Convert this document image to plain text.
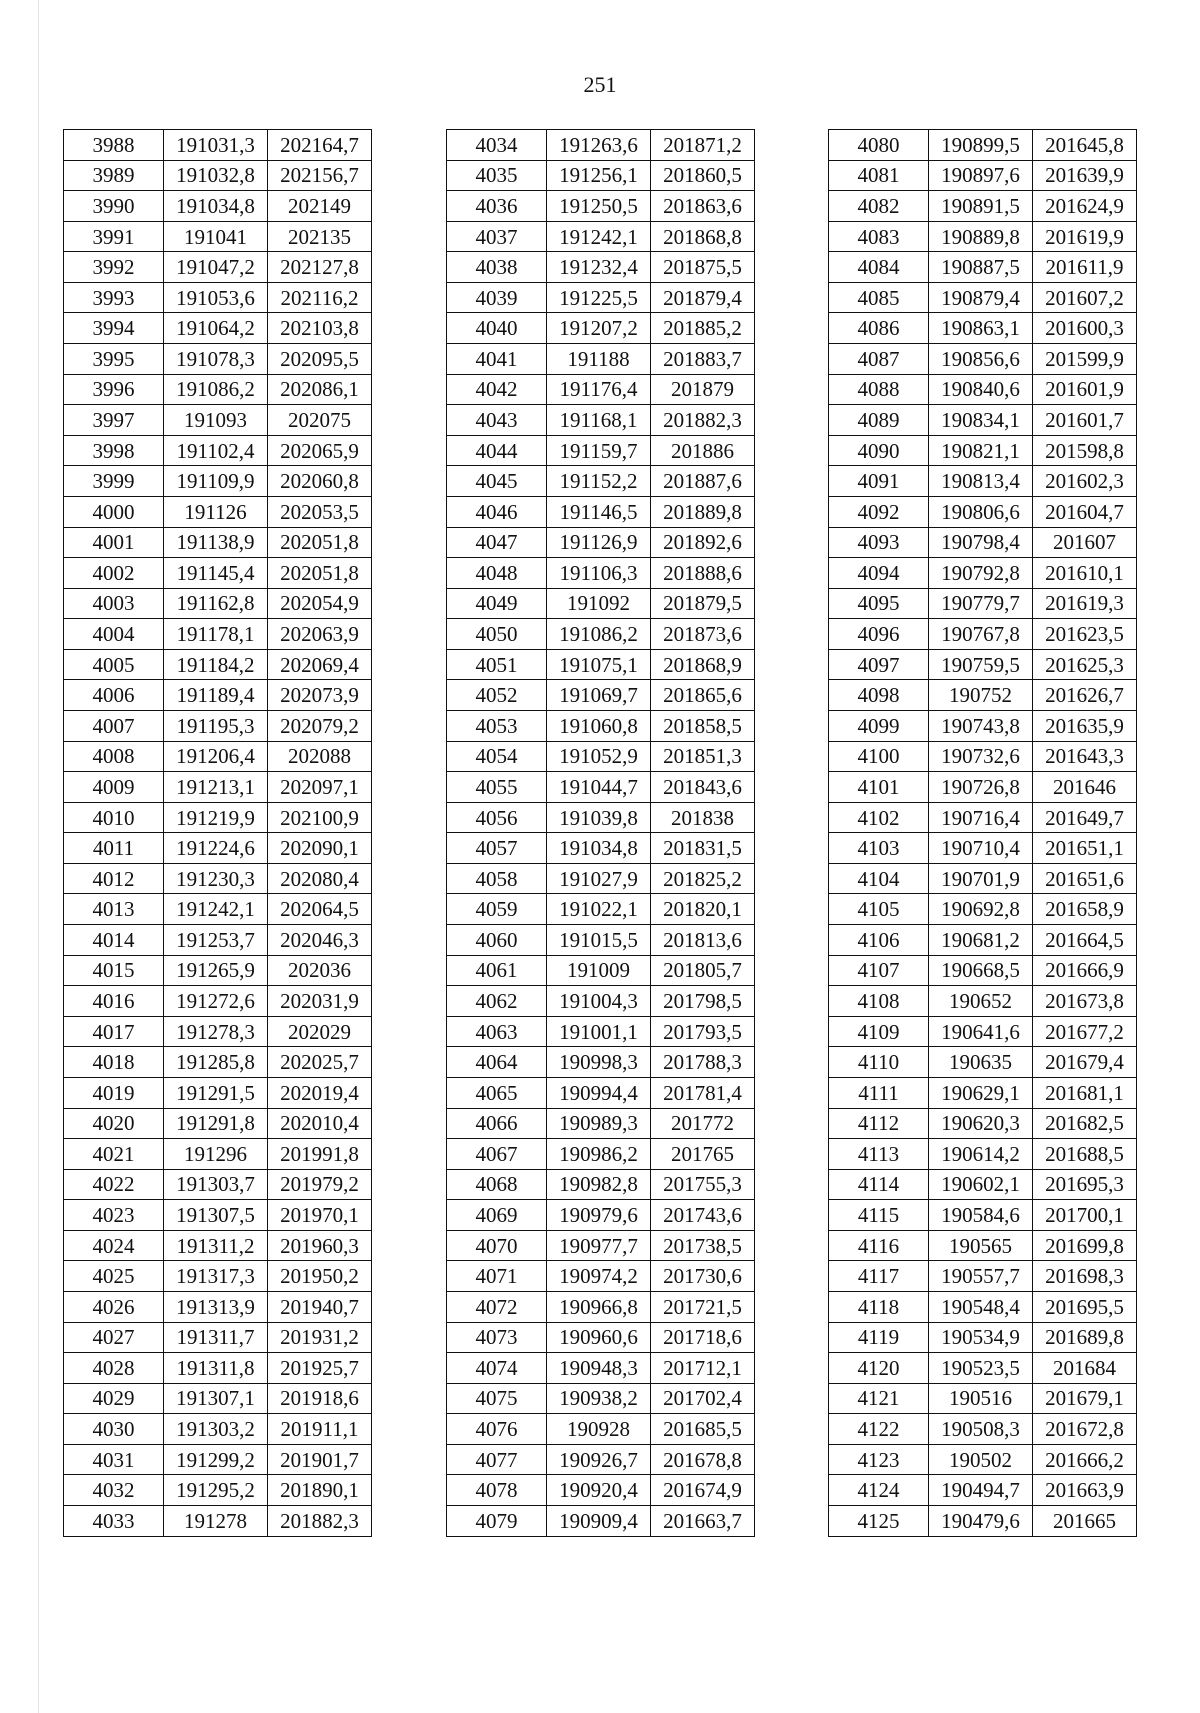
251
3988	191031,3	202164,7
3989	191032,8	202156,7
3990	191034,8	202149
3991	191041	202135
3992	191047,2	202127,8
3993	191053,6	202116,2
3994	191064,2	202103,8
3995	191078,3	202095,5
3996	191086,2	202086,1
3997	191093	202075
3998	191102,4	202065,9
3999	191109,9	202060,8
4000	191126	202053,5
4001	191138,9	202051,8
4002	191145,4	202051,8
4003	191162,8	202054,9
4004	191178,1	202063,9
4005	191184,2	202069,4
4006	191189,4	202073,9
4007	191195,3	202079,2
4008	191206,4	202088
4009	191213,1	202097,1
4010	191219,9	202100,9
4011	191224,6	202090,1
4012	191230,3	202080,4
4013	191242,1	202064,5
4014	191253,7	202046,3
4015	191265,9	202036
4016	191272,6	202031,9
4017	191278,3	202029
4018	191285,8	202025,7
4019	191291,5	202019,4
4020	191291,8	202010,4
4021	191296	201991,8
4022	191303,7	201979,2
4023	191307,5	201970,1
4024	191311,2	201960,3
4025	191317,3	201950,2
4026	191313,9	201940,7
4027	191311,7	201931,2
4028	191311,8	201925,7
4029	191307,1	201918,6
4030	191303,2	201911,1
4031	191299,2	201901,7
4032	191295,2	201890,1
4033	191278	201882,3
4034	191263,6	201871,2
4035	191256,1	201860,5
4036	191250,5	201863,6
4037	191242,1	201868,8
4038	191232,4	201875,5
4039	191225,5	201879,4
4040	191207,2	201885,2
4041	191188	201883,7
4042	191176,4	201879
4043	191168,1	201882,3
4044	191159,7	201886
4045	191152,2	201887,6
4046	191146,5	201889,8
4047	191126,9	201892,6
4048	191106,3	201888,6
4049	191092	201879,5
4050	191086,2	201873,6
4051	191075,1	201868,9
4052	191069,7	201865,6
4053	191060,8	201858,5
4054	191052,9	201851,3
4055	191044,7	201843,6
4056	191039,8	201838
4057	191034,8	201831,5
4058	191027,9	201825,2
4059	191022,1	201820,1
4060	191015,5	201813,6
4061	191009	201805,7
4062	191004,3	201798,5
4063	191001,1	201793,5
4064	190998,3	201788,3
4065	190994,4	201781,4
4066	190989,3	201772
4067	190986,2	201765
4068	190982,8	201755,3
4069	190979,6	201743,6
4070	190977,7	201738,5
4071	190974,2	201730,6
4072	190966,8	201721,5
4073	190960,6	201718,6
4074	190948,3	201712,1
4075	190938,2	201702,4
4076	190928	201685,5
4077	190926,7	201678,8
4078	190920,4	201674,9
4079	190909,4	201663,7
4080	190899,5	201645,8
4081	190897,6	201639,9
4082	190891,5	201624,9
4083	190889,8	201619,9
4084	190887,5	201611,9
4085	190879,4	201607,2
4086	190863,1	201600,3
4087	190856,6	201599,9
4088	190840,6	201601,9
4089	190834,1	201601,7
4090	190821,1	201598,8
4091	190813,4	201602,3
4092	190806,6	201604,7
4093	190798,4	201607
4094	190792,8	201610,1
4095	190779,7	201619,3
4096	190767,8	201623,5
4097	190759,5	201625,3
4098	190752	201626,7
4099	190743,8	201635,9
4100	190732,6	201643,3
4101	190726,8	201646
4102	190716,4	201649,7
4103	190710,4	201651,1
4104	190701,9	201651,6
4105	190692,8	201658,9
4106	190681,2	201664,5
4107	190668,5	201666,9
4108	190652	201673,8
4109	190641,6	201677,2
4110	190635	201679,4
4111	190629,1	201681,1
4112	190620,3	201682,5
4113	190614,2	201688,5
4114	190602,1	201695,3
4115	190584,6	201700,1
4116	190565	201699,8
4117	190557,7	201698,3
4118	190548,4	201695,5
4119	190534,9	201689,8
4120	190523,5	201684
4121	190516	201679,1
4122	190508,3	201672,8
4123	190502	201666,2
4124	190494,7	201663,9
4125	190479,6	201665
